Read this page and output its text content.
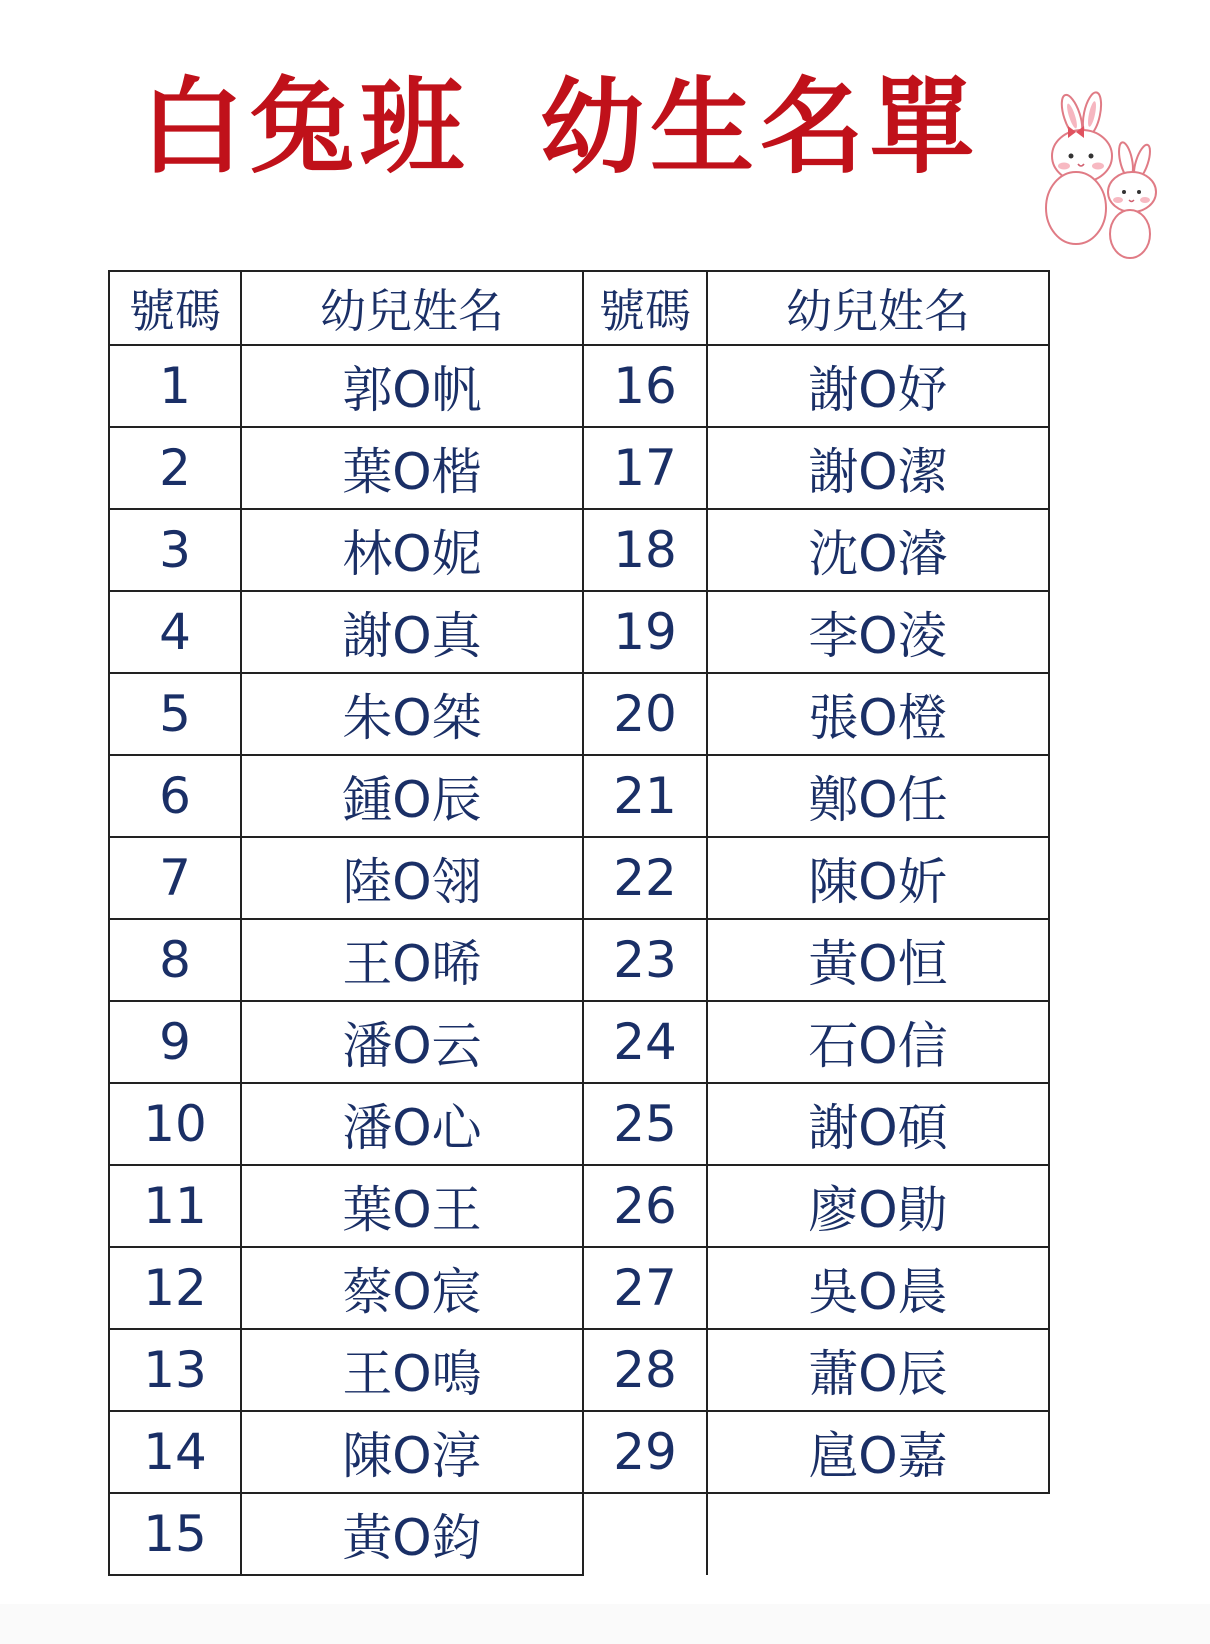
白兔班 幼生名單
號碼	幼兒姓名	號碼	幼兒姓名
1	郭O帆	16	謝O妤
2	葉O楷	17	謝O潔
3	林O妮	18	沈O濬
4	謝O真	19	李O淩
5	朱O桀	20	張O橙
6	鍾O辰	21	鄭O任
7	陸O翎	22	陳O妡
8	王O晞	23	黃O恒
9	潘O云	24	石O信
10	潘O心	25	謝O碩
11	葉O王	26	廖O勛
12	蔡O宸	27	吳O晨
13	王O鳴	28	蕭O辰
14	陳O淳	29	扈O嘉
15	黃O鈞		
